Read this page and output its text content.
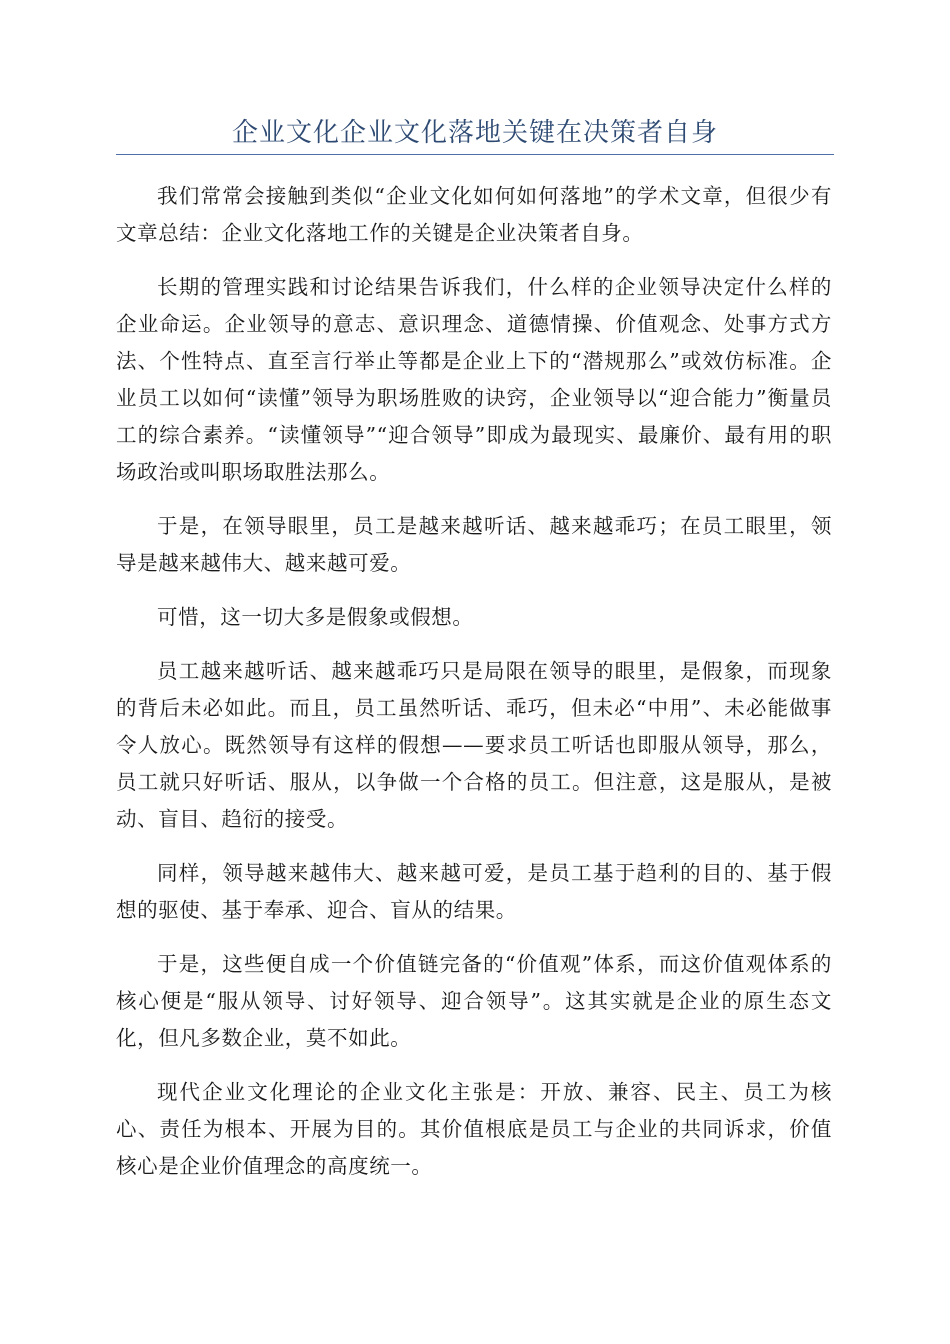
企业文化企业文化落地关键在决策者自身

我们常常会接触到类似“企业文化如何如何落地”的学术文章，但很少有文章总结：企业文化落地工作的关键是企业决策者自身。

长期的管理实践和讨论结果告诉我们，什么样的企业领导决定什么样的企业命运。企业领导的意志、意识理念、道德情操、价值观念、处事方式方法、个性特点、直至言行举止等都是企业上下的“潜规那么”或效仿标准。企业员工以如何“读懂”领导为职场胜败的诀窍，企业领导以“迎合能力”衡量员工的综合素养。“读懂领导”“迎合领导”即成为最现实、最廉价、最有用的职场政治或叫职场取胜法那么。

于是，在领导眼里，员工是越来越听话、越来越乖巧；在员工眼里，领导是越来越伟大、越来越可爱。

可惜，这一切大多是假象或假想。

员工越来越听话、越来越乖巧只是局限在领导的眼里，是假象，而现象的背后未必如此。而且，员工虽然听话、乖巧，但未必“中用”、未必能做事令人放心。既然领导有这样的假想——要求员工听话也即服从领导，那么，员工就只好听话、服从，以争做一个合格的员工。但注意，这是服从，是被动、盲目、趋衍的接受。

同样，领导越来越伟大、越来越可爱，是员工基于趋利的目的、基于假想的驱使、基于奉承、迎合、盲从的结果。

于是，这些便自成一个价值链完备的“价值观”体系，而这价值观体系的核心便是“服从领导、讨好领导、迎合领导”。这其实就是企业的原生态文化，但凡多数企业，莫不如此。

现代企业文化理论的企业文化主张是：开放、兼容、民主、员工为核心、责任为根本、开展为目的。其价值根底是员工与企业的共同诉求，价值核心是企业价值理念的高度统一。
